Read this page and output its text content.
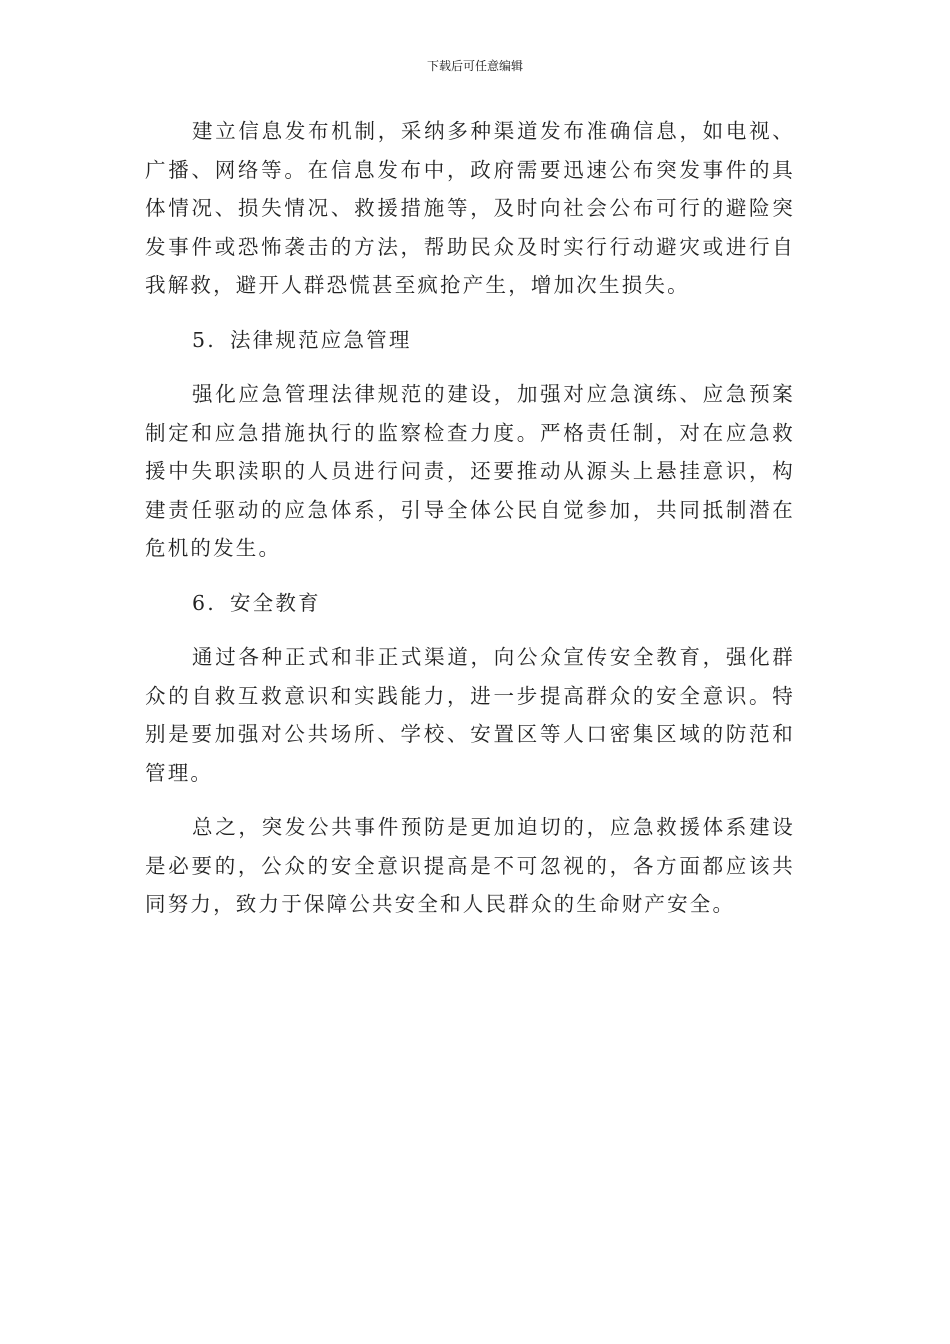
下载后可任意编辑

建立信息发布机制，采纳多种渠道发布准确信息，如电视、广播、网络等。在信息发布中，政府需要迅速公布突发事件的具体情况、损失情况、救援措施等，及时向社会公布可行的避险突发事件或恐怖袭击的方法，帮助民众及时实行行动避灾或进行自我解救，避开人群恐慌甚至疯抢产生，增加次生损失。

5. 法律规范应急管理

强化应急管理法律规范的建设，加强对应急演练、应急预案制定和应急措施执行的监察检查力度。严格责任制，对在应急救援中失职渎职的人员进行问责，还要推动从源头上悬挂意识，构建责任驱动的应急体系，引导全体公民自觉参加，共同抵制潜在危机的发生。

6. 安全教育

通过各种正式和非正式渠道，向公众宣传安全教育，强化群众的自救互救意识和实践能力，进一步提高群众的安全意识。特别是要加强对公共场所、学校、安置区等人口密集区域的防范和管理。

总之，突发公共事件预防是更加迫切的，应急救援体系建设是必要的，公众的安全意识提高是不可忽视的，各方面都应该共同努力，致力于保障公共安全和人民群众的生命财产安全。
